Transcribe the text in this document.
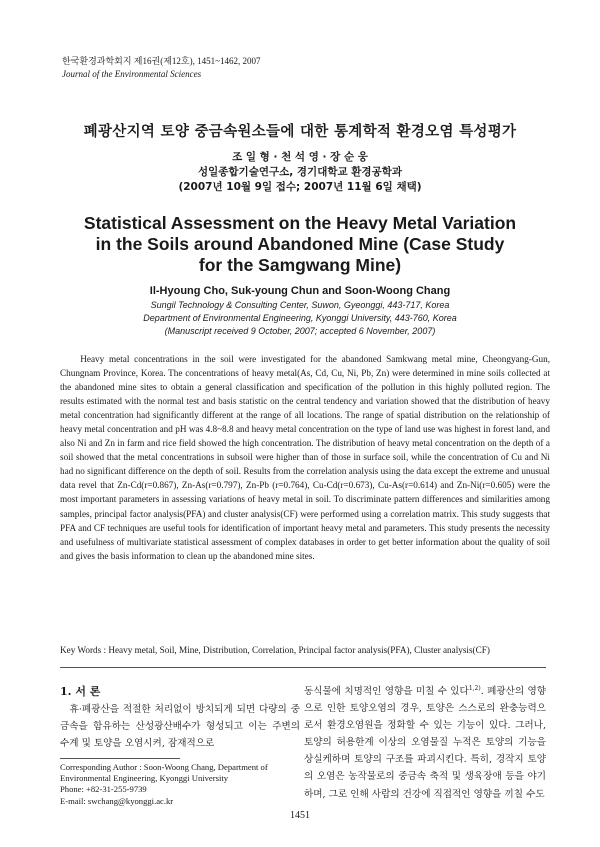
한국환경과학회지 제16권(제12호), 1451~1462, 2007
Journal of the Environmental Sciences
폐광산지역 토양 중금속원소들에 대한 통계학적 환경오염 특성평가
조 일 형 · 천 석 영 · 장 순 웅
성일종합기술연구소, 경기대학교 환경공학과
(2007년 10월 9일 접수; 2007년 11월 6일 채택)
Statistical Assessment on the Heavy Metal Variation
in the Soils around Abandoned Mine (Case Study
for the Samgwang Mine)
Il-Hyoung Cho, Suk-young Chun and Soon-Woong Chang
Sungil Technology & Consulting Center, Suwon, Gyeonggi, 443-717, Korea
Department of Environmental Engineering, Kyonggi University, 443-760, Korea
(Manuscript received 9 October, 2007; accepted 6 November, 2007)

Heavy metal concentrations in the soil were investigated for the abandoned Samkwang metal mine, Cheongyang-Gun, Chungnam Province, Korea. The concentrations of heavy metal(As, Cd, Cu, Ni, Pb, Zn) were determined in mine soils collected at the abandoned mine sites to obtain a general classification and specification of the pollution in this highly polluted region. The results estimated with the normal test and basis statistic on the central tendency and variation showed that the distribution of heavy metal concentration had significantly different at the range of all locations. The range of spatial distribution on the relationship of heavy metal concentration and pH was 4.8~8.8 and heavy metal concentration on the type of land use was highest in forest land, and also Ni and Zn in farm and rice field showed the high concentration. The distribution of heavy metal concentration on the depth of a soil showed that the metal concentrations in subsoil were higher than of those in surface soil, while the concentration of Cu and Ni had no significant difference on the depth of soil. Results from the correlation analysis using the data except the extreme and unusual data revel that Zn-Cd(r=0.867), Zn-As(r=0.797), Zn-Pb (r=0.764), Cu-Cd(r=0.673), Cu-As(r=0.614) and Zn-Ni(r=0.605) were the most important parameters in assessing variations of heavy metal in soil. To discriminate pattern differences and similarities among samples, principal factor analysis(PFA) and cluster analysis(CF) were performed using a correlation matrix. This study suggests that PFA and CF techniques are useful tools for identification of important heavy metal and parameters. This study presents the necessity and usefulness of multivariate statistical assessment of complex databases in order to get better information about the quality of soil and gives the basis information to clean up the abandoned mine sites.

Key Words : Heavy metal, Soil, Mine, Distribution, Correlation, Principal factor analysis(PFA), Cluster analysis(CF)
1. 서 론

휴·폐광산을 적절한 처리없이 방치되게 되면 다량의 중금속을 함유하는 산성광산배수가 형성되고 이는 주변의 수계 및 토양을 오염시켜, 잠재적으로

동식물에 치명적인 영향을 미칠 수 있다$^{1,2)}$. 폐광산의 영향으로 인한 토양오염의 경우, 토양은 스스로의 완충능력으로서 환경오염원을 정화할 수 있는 기능이 있다. 그러나, 토양의 허용한계 이상의 오염물질 누적은 토양의 기능을 상실케하며 토양의 구조를 파괴시킨다. 특히, 경작지 토양의 오염은 농작물로의 중금속 축적 및 생육장애 등을 야기하며, 그로 인해 사람의 건강에 직접적인 영향을 끼칠 수도

Corresponding Author : Soon-Woong Chang, Department of Environmental Engineering, Kyonggi University
Phone: +82-31-255-9739
E-mail: swchang@kyonggi.ac.kr
1451
